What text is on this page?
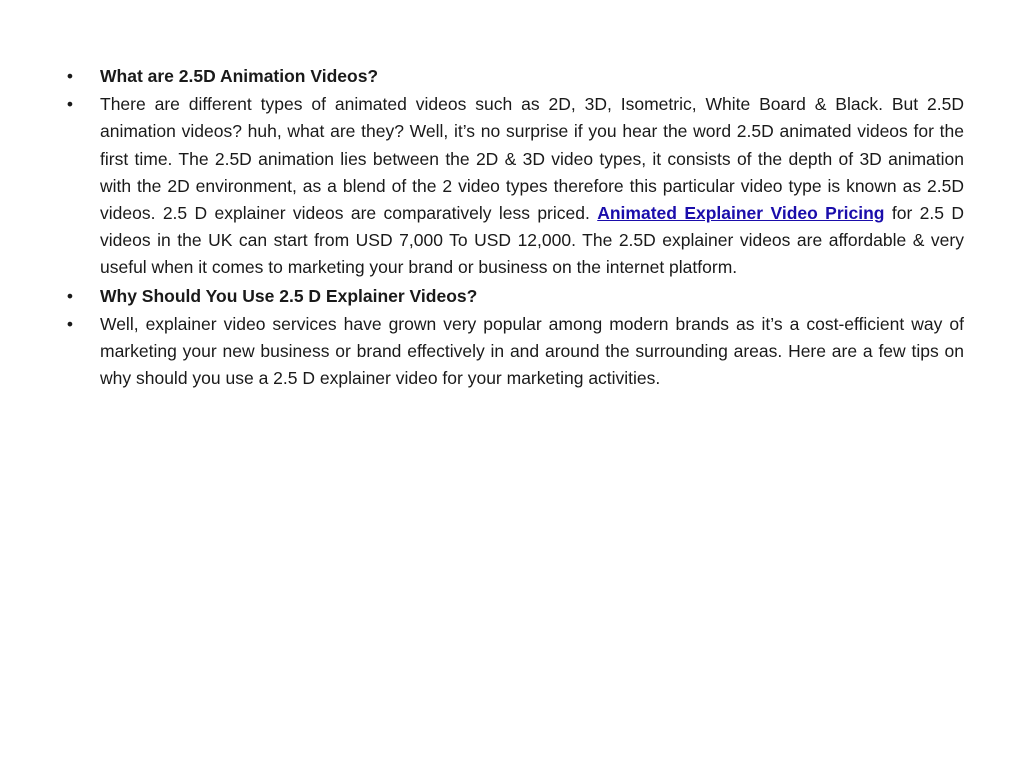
•	What are 2.5D Animation Videos?
•	There are different types of animated videos such as 2D, 3D, Isometric, White Board & Black. But 2.5D animation videos? huh, what are they? Well, it’s no surprise if you hear the word 2.5D animated videos for the first time. The 2.5D animation lies between the 2D & 3D video types, it consists of the depth of 3D animation with the 2D environment, as a blend of the 2 video types therefore this particular video type is known as 2.5D videos. 2.5 D explainer videos are comparatively less priced. Animated Explainer Video Pricing for 2.5 D videos in the UK can start from USD 7,000 To USD 12,000. The 2.5D explainer videos are affordable & very useful when it comes to marketing your brand or business on the internet platform.
•	Why Should You Use 2.5 D Explainer Videos?
•	Well, explainer video services have grown very popular among modern brands as it’s a cost-efficient way of marketing your new business or brand effectively in and around the surrounding areas. Here are a few tips on why should you use a 2.5 D explainer video for your marketing activities.
